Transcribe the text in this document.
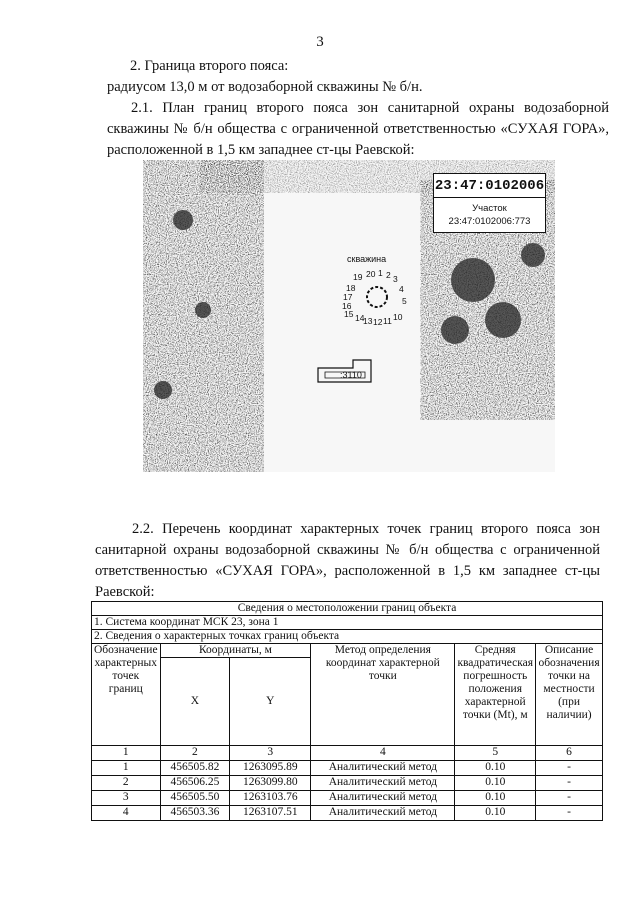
3
2. Граница второго пояса:
радиусом 13,0 м от водозаборной скважины № б/н.
2.1. План границ второго пояса зон санитарной охраны водозаборной скважины № б/н общества с ограниченной ответственностью «СУХАЯ ГОРА», расположенной в 1,5 км западнее ст-цы Раевской:
23:47:0102006
Участок
23:47:0102006:773
скважина
:3110
19 20 1 2 3
4
5
18
17
16
15 14
13 12 11 10
2.2. Перечень координат характерных точек границ второго пояса зон санитарной охраны водозаборной скважины № б/н общества с ограниченной ответственностью «СУХАЯ ГОРА», расположенной в 1,5 км западнее ст-цы Раевской:
Сведения о местоположении границ объекта					
1. Система координат МСК 23, зона 1					
2. Сведения о характерных точках границ объекта					
Обозначение характерных точек границ	Координаты, м		Метод определения координат характерной точки	Средняя квадратическая погрешность положения характерной точки (Mt), м	Описание обозначения точки на местности (при наличии)
	X	Y			
1	2	3	4	5	6
1	456505.82	1263095.89	Аналитический метод	0.10	-
2	456506.25	1263099.80	Аналитический метод	0.10	-
3	456505.50	1263103.76	Аналитический метод	0.10	-
4	456503.36	1263107.51	Аналитический метод	0.10	-
